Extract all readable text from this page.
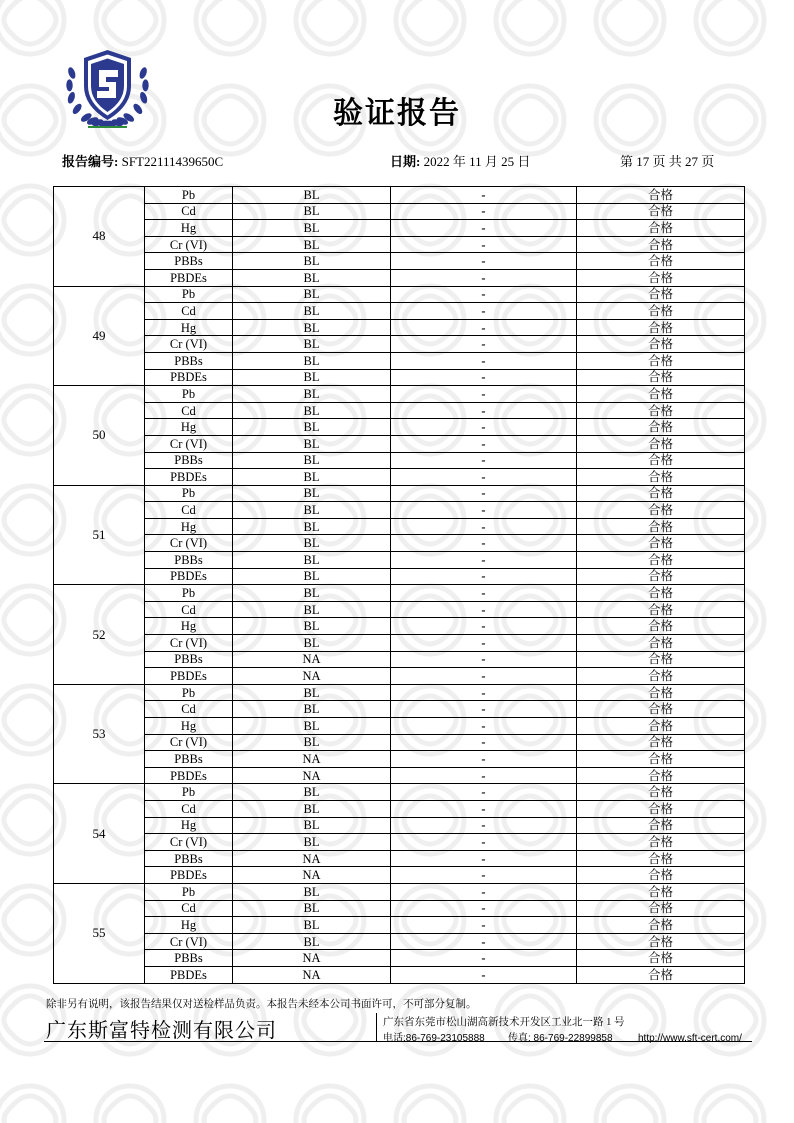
验证报告
报告编号: SFT22111439650C	日期: 2022 年 11 月 25 日	第 17 页 共 27 页
48	Pb	BL	-	合格
	Cd	BL	-	合格
	Hg	BL	-	合格
	Cr (VI)	BL	-	合格
	PBBs	BL	-	合格
	PBDEs	BL	-	合格
49	Pb	BL	-	合格
	Cd	BL	-	合格
	Hg	BL	-	合格
	Cr (VI)	BL	-	合格
	PBBs	BL	-	合格
	PBDEs	BL	-	合格
50	Pb	BL	-	合格
	Cd	BL	-	合格
	Hg	BL	-	合格
	Cr (VI)	BL	-	合格
	PBBs	BL	-	合格
	PBDEs	BL	-	合格
51	Pb	BL	-	合格
	Cd	BL	-	合格
	Hg	BL	-	合格
	Cr (VI)	BL	-	合格
	PBBs	BL	-	合格
	PBDEs	BL	-	合格
52	Pb	BL	-	合格
	Cd	BL	-	合格
	Hg	BL	-	合格
	Cr (VI)	BL	-	合格
	PBBs	NA	-	合格
	PBDEs	NA	-	合格
53	Pb	BL	-	合格
	Cd	BL	-	合格
	Hg	BL	-	合格
	Cr (VI)	BL	-	合格
	PBBs	NA	-	合格
	PBDEs	NA	-	合格
54	Pb	BL	-	合格
	Cd	BL	-	合格
	Hg	BL	-	合格
	Cr (VI)	BL	-	合格
	PBBs	NA	-	合格
	PBDEs	NA	-	合格
55	Pb	BL	-	合格
	Cd	BL	-	合格
	Hg	BL	-	合格
	Cr (VI)	BL	-	合格
	PBBs	NA	-	合格
	PBDEs	NA	-	合格
除非另有说明，该报告结果仅对送检样品负责。本报告未经本公司书面许可，不可部分复制。
广东斯富特检测有限公司	广东省东莞市松山湖高新技术开发区工业北一路 1 号
电话:86-769-23105888 传真: 86-769-22899858	http://www.sft-cert.com/
